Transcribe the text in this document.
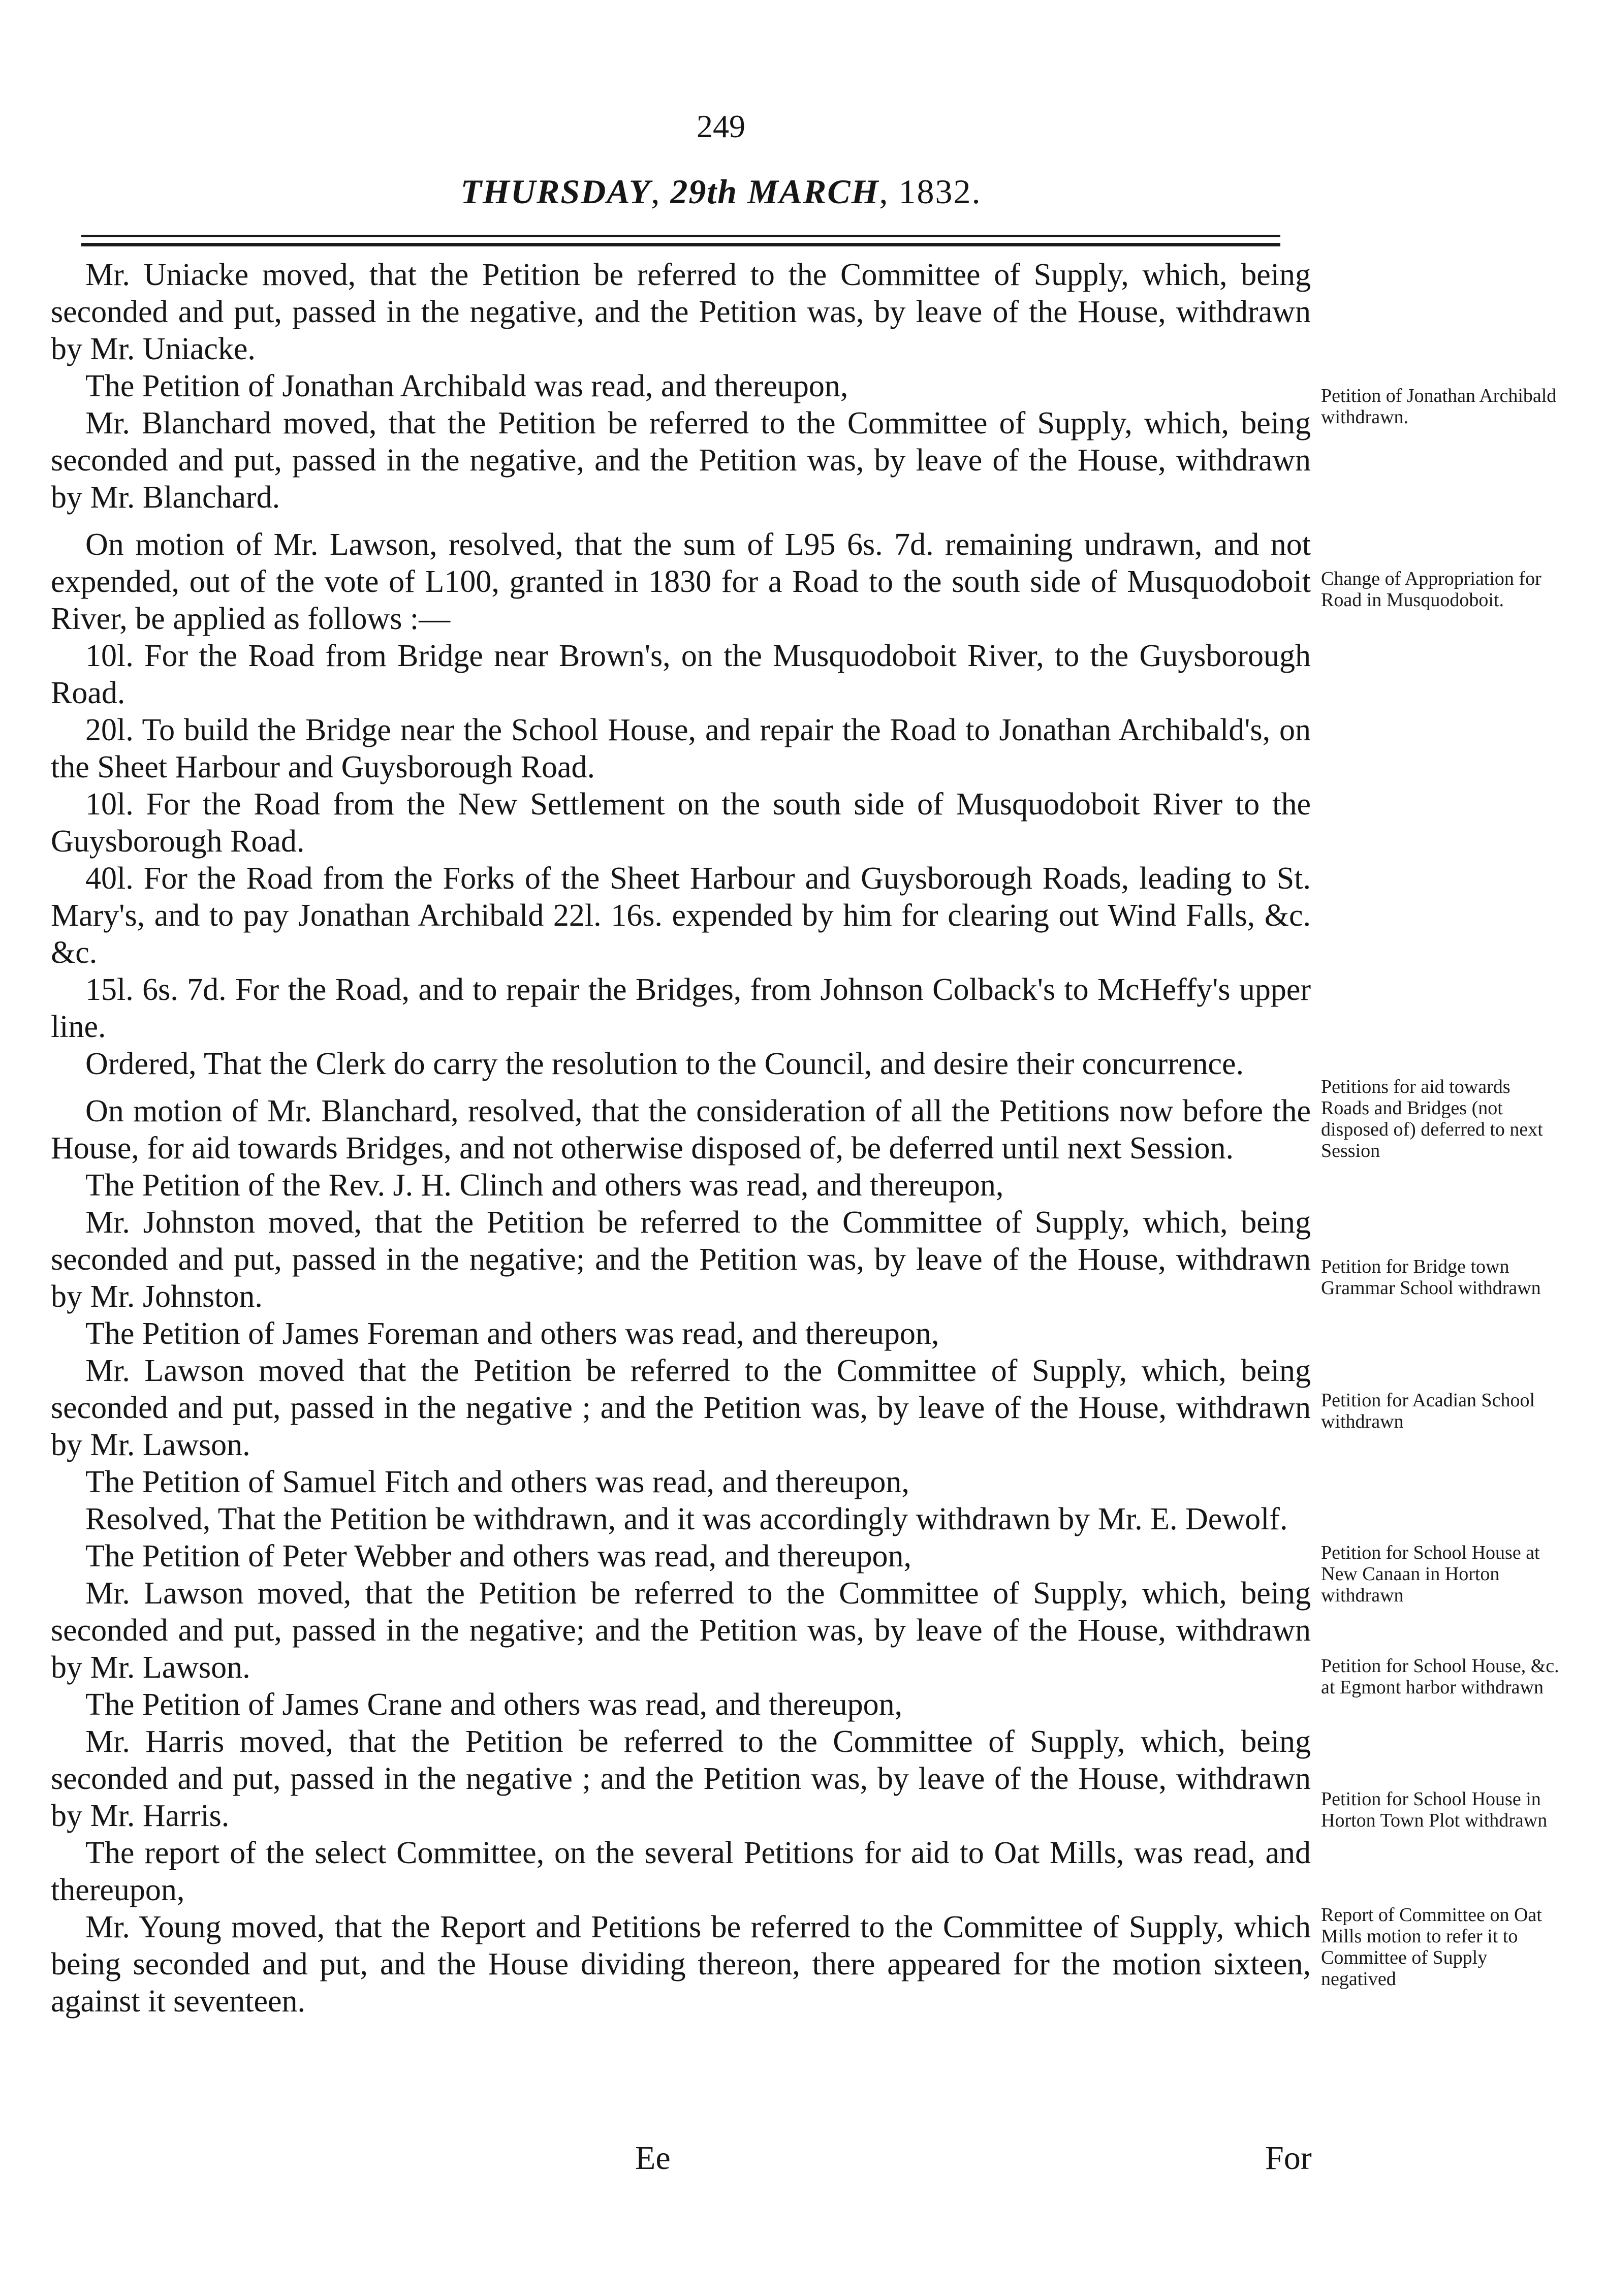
249
THURSDAY, 29th MARCH, 1832.

Mr. Uniacke moved, that the Petition be referred to the Committee of Supply, which, being seconded and put, passed in the negative, and the Petition was, by leave of the House, withdrawn by Mr. Uniacke.

The Petition of Jonathan Archibald was read, and thereupon,

Mr. Blanchard moved, that the Petition be referred to the Committee of Supply, which, being seconded and put, passed in the negative, and the Petition was, by leave of the House, withdrawn by Mr. Blanchard.

On motion of Mr. Lawson, resolved, that the sum of L95 6s. 7d. remaining undrawn, and not expended, out of the vote of L100, granted in 1830 for a Road to the south side of Musquodoboit River, be applied as follows :—

10l. For the Road from Bridge near Brown's, on the Musquodoboit River, to the Guysborough Road.

20l. To build the Bridge near the School House, and repair the Road to Jonathan Archibald's, on the Sheet Harbour and Guysborough Road.

10l. For the Road from the New Settlement on the south side of Musquodoboit River to the Guysborough Road.

40l. For the Road from the Forks of the Sheet Harbour and Guysborough Roads, leading to St. Mary's, and to pay Jonathan Archibald 22l. 16s. expended by him for clearing out Wind Falls, &c. &c.

15l. 6s. 7d. For the Road, and to repair the Bridges, from Johnson Colback's to McHeffy's upper line.

Ordered, That the Clerk do carry the resolution to the Council, and desire their concurrence.

On motion of Mr. Blanchard, resolved, that the consideration of all the Petitions now before the House, for aid towards Bridges, and not otherwise disposed of, be deferred until next Session.

The Petition of the Rev. J. H. Clinch and others was read, and thereupon,

Mr. Johnston moved, that the Petition be referred to the Committee of Supply, which, being seconded and put, passed in the negative; and the Petition was, by leave of the House, withdrawn by Mr. Johnston.

The Petition of James Foreman and others was read, and thereupon,

Mr. Lawson moved that the Petition be referred to the Committee of Supply, which, being seconded and put, passed in the negative ; and the Petition was, by leave of the House, withdrawn by Mr. Lawson.

The Petition of Samuel Fitch and others was read, and thereupon,

Resolved, That the Petition be withdrawn, and it was accordingly withdrawn by Mr. E. Dewolf.

The Petition of Peter Webber and others was read, and thereupon,

Mr. Lawson moved, that the Petition be referred to the Committee of Supply, which, being seconded and put, passed in the negative; and the Petition was, by leave of the House, withdrawn by Mr. Lawson.

The Petition of James Crane and others was read, and thereupon,

Mr. Harris moved, that the Petition be referred to the Committee of Supply, which, being seconded and put, passed in the negative ; and the Petition was, by leave of the House, withdrawn by Mr. Harris.

The report of the select Committee, on the several Petitions for aid to Oat Mills, was read, and thereupon,

Mr. Young moved, that the Report and Petitions be referred to the Committee of Supply, which being seconded and put, and the House dividing thereon, there appeared for the motion sixteen, against it seventeen.

Petition of Jonathan Archibald withdrawn.
Change of Appropriation for Road in Musquodoboit.
Petitions for aid towards Roads and Bridges (not disposed of) deferred to next Session
Petition for Bridge town Grammar School withdrawn
Petition for Acadian School withdrawn
Petition for School House at New Canaan in Horton withdrawn
Petition for School House, &c. at Egmont harbor withdrawn
Petition for School House in Horton Town Plot withdrawn
Report of Committee on Oat Mills motion to refer it to Committee of Supply negatived
Ee	For
